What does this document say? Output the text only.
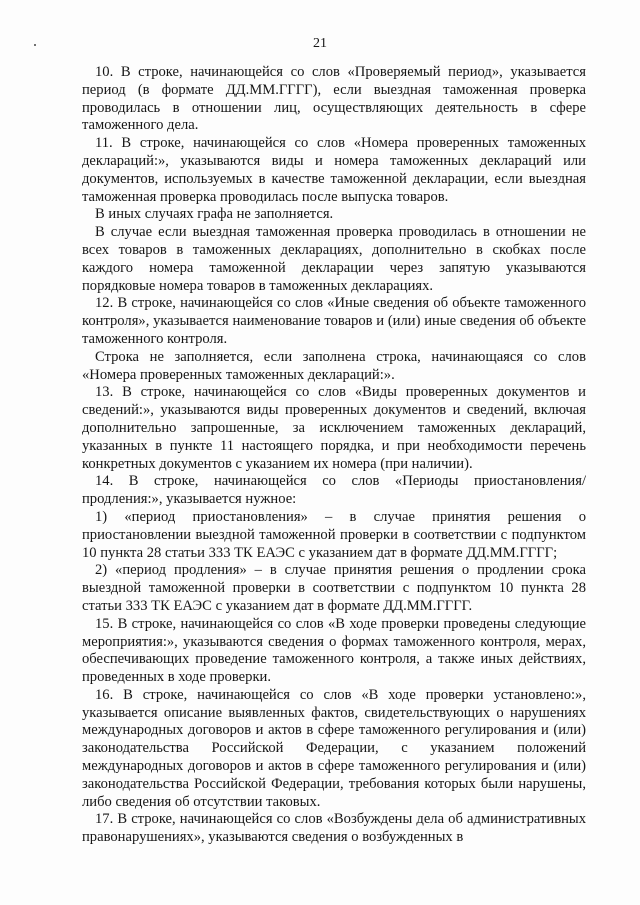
21

10. В строке, начинающейся со слов «Проверяемый период», указывается период (в формате ДД.ММ.ГГГГ), если выездная таможенная проверка проводилась в отношении лиц, осуществляющих деятельность в сфере таможенного дела.

11. В строке, начинающейся со слов «Номера проверенных таможенных деклараций:», указываются виды и номера таможенных деклараций или документов, используемых в качестве таможенной декларации, если выездная таможенная проверка проводилась после выпуска товаров.

В иных случаях графа не заполняется.

В случае если выездная таможенная проверка проводилась в отношении не всех товаров в таможенных декларациях, дополнительно в скобках после каждого номера таможенной декларации через запятую указываются порядковые номера товаров в таможенных декларациях.

12. В строке, начинающейся со слов «Иные сведения об объекте таможенного контроля», указывается наименование товаров и (или) иные сведения об объекте таможенного контроля.

Строка не заполняется, если заполнена строка, начинающаяся со слов «Номера проверенных таможенных деклараций:».

13. В строке, начинающейся со слов «Виды проверенных документов и сведений:», указываются виды проверенных документов и сведений, включая дополнительно запрошенные, за исключением таможенных деклараций, указанных в пункте 11 настоящего порядка, и при необходимости перечень конкретных документов с указанием их номера (при наличии).

14. В строке, начинающейся со слов «Периоды приостановления/ продления:», указывается нужное:

1) «период приостановления» – в случае принятия решения о приостановлении выездной таможенной проверки в соответствии с подпунктом 10 пункта 28 статьи 333 ТК ЕАЭС с указанием дат в формате ДД.ММ.ГГГГ;

2) «период продления» – в случае принятия решения о продлении срока выездной таможенной проверки в соответствии с подпунктом 10 пункта 28 статьи 333 ТК ЕАЭС с указанием дат в формате ДД.ММ.ГГГГ.

15. В строке, начинающейся со слов «В ходе проверки проведены следующие мероприятия:», указываются сведения о формах таможенного контроля, мерах, обеспечивающих проведение таможенного контроля, а также иных действиях, проведенных в ходе проверки.

16. В строке, начинающейся со слов «В ходе проверки установлено:», указывается описание выявленных фактов, свидетельствующих о нарушениях международных договоров и актов в сфере таможенного регулирования и (или) законодательства Российской Федерации, с указанием положений международных договоров и актов в сфере таможенного регулирования и (или) законодательства Российской Федерации, требования которых были нарушены, либо сведения об отсутствии таковых.

17. В строке, начинающейся со слов «Возбуждены дела об административных правонарушениях», указываются сведения о возбужденных в
